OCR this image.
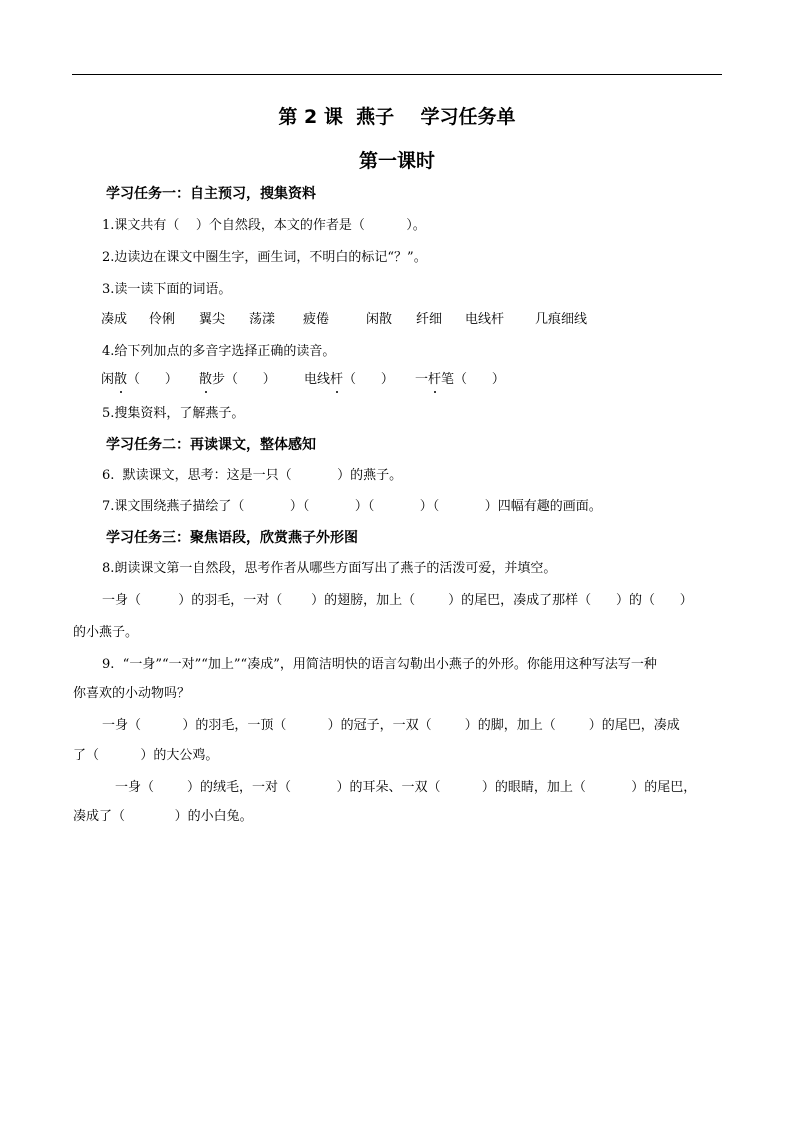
第 2 课  燕子    学习任务单
第一课时
学习任务一：自主预习，搜集资料
1.课文共有（    ）个自然段，本文的作者是（          ）。
2.边读边在课文中圈生字，画生词，不明白的标记“？”。
3.读一读下面的词语。
凑成 伶俐 翼尖 荡漾 疲倦	闲散 纤细 电线杆 几痕细线
4.给下列加点的多音字选择正确的读音。
闲散（      ） 散步（      ） 电线杆（      ） 一杆笔（      ）
5.搜集资料，了解燕子。
学习任务二：再读课文，整体感知
6.  默读课文，思考：这是一只（           ）的燕子。
7.课文围绕燕子描绘了（           ）（           ）（           ）（           ）四幅有趣的画面。
学习任务三：聚焦语段，欣赏燕子外形图
8.朗读课文第一自然段，思考作者从哪些方面写出了燕子的活泼可爱，并填空。
一身（         ）的羽毛，一对（       ）的翅膀，加上（        ）的尾巴，凑成了那样（      ）的（      ）
的小燕子。
9.  “一身”“一对”“加上”“凑成”，用简洁明快的语言勾勒出小燕子的外形。你能用这种写法写一种
你喜欢的小动物吗？
一身（          ）的羽毛，一顶（          ）的冠子，一双（        ）的脚，加上（        ）的尾巴，凑成
了（          ）的大公鸡。
一身（        ）的绒毛，一对（           ）的耳朵、一双（          ）的眼睛，加上（           ）的尾巴，
凑成了（            ）的小白兔。
